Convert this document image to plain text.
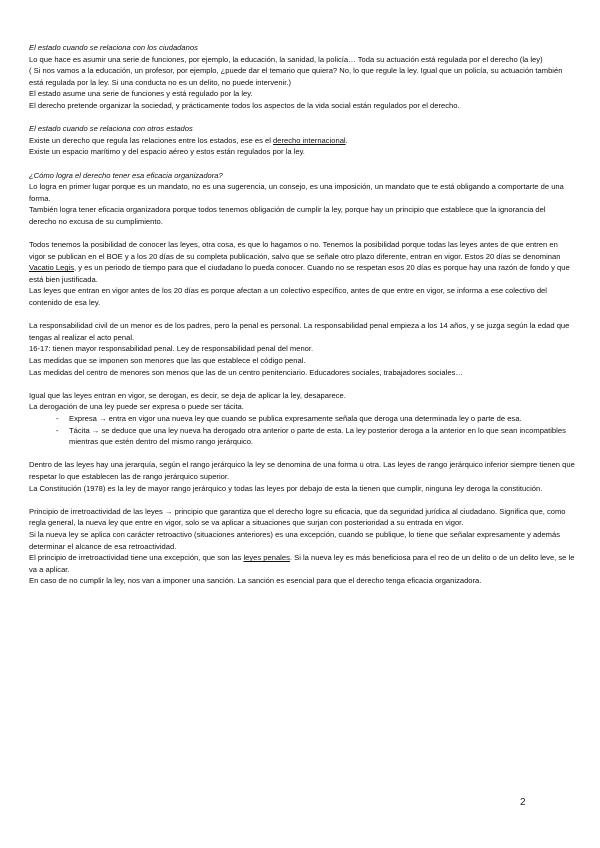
El estado cuando se relaciona con los ciudadanos

Lo que hace es asumir una serie de funciones, por ejemplo, la educación, la sanidad, la policía… Toda su actuación está regulada por el derecho (la ley)

( Si nos vamos a la educación, un profesor, por ejemplo, ¿puede dar el temario que quiera? No, lo que regule la ley. Igual que un policía, su actuación también está regulada por la ley. Si una conducta no es un delito, no puede intervenir.)

El estado asume una serie de funciones y está regulado por la ley.

El derecho pretende organizar la sociedad, y prácticamente todos los aspectos de la vida social están regulados por el derecho.

El estado cuando se relaciona con otros estados

Existe un derecho que regula las relaciones entre los estados, ese es el derecho internacional.

Existe un espacio marítimo y del espacio aéreo y estos están regulados por la ley.

¿Cómo logra el derecho tener esa eficacia organizadora?

Lo logra en primer lugar porque es un mandato, no es una sugerencia, un consejo, es una imposición, un mandato que te está obligando a comportarte de una forma.

También logra tener eficacia organizadora porque todos tenemos obligación de cumplir la ley, porque hay un principio que establece que la ignorancia del derecho no excusa de su cumplimiento.

Todos tenemos la posibilidad de conocer las leyes, otra cosa, es que lo hagamos o no. Tenemos la posibilidad porque todas las leyes antes de que entren en vigor se publican en el BOE y a los 20 días de su completa publicación, salvo que se señale otro plazo diferente, entran en vigor. Estos 20 días se denominan Vacatio Legis, y es un periodo de tiempo para que el ciudadano lo pueda conocer. Cuando no se respetan esos 20 días es porque hay una razón de fondo y que está bien justificada.

Las leyes que entran en vigor antes de los 20 días es porque afectan a un colectivo específico, antes de que entre en vigor, se informa a ese colectivo del contenido de esa ley.

La responsabilidad civil de un menor es de los padres, pero la penal es personal. La responsabilidad penal empieza a los 14 años, y se juzga según la edad que tengas al realizar el acto penal.

16-17: tienen mayor responsabilidad penal. Ley de responsabilidad penal del menor.

Las medidas que se imponen son menores que las que establece el código penal.

Las medidas del centro de menores son menos que las de un centro penitenciario. Educadores sociales, trabajadores sociales…

Igual que las leyes entran en vigor, se derogan, es decir, se deja de aplicar la ley, desaparece.

La derogación de una ley puede ser expresa o puede ser tácita.

- Expresa → entra en vigor una nueva ley que cuando se publica expresamente señala que deroga una determinada ley o parte de esa.
- Tácita → se deduce que una ley nueva ha derogado otra anterior o parte de esta. La ley posterior deroga a la anterior en lo que sean incompatibles mientras que estén dentro del mismo rango jerárquico.

Dentro de las leyes hay una jerarquía, según el rango jerárquico la ley se denomina de una forma u otra. Las leyes de rango jerárquico inferior siempre tienen que respetar lo que establecen las de rango jerárquico superior.

La Constitución (1978) es la ley de mayor rango jerárquico y todas las leyes por debajo de esta la tienen que cumplir, ninguna ley deroga la constitución.

Principio de irretroactividad de las leyes → principio que garantiza que el derecho logre su eficacia, que da seguridad jurídica al ciudadano. Significa que, como regla general, la nueva ley que entre en vigor, solo se va aplicar a situaciones que surjan con posterioridad a su entrada en vigor.

Si la nueva ley se aplica con carácter retroactivo (situaciones anteriores) es una excepción, cuando se publique, lo tiene que señalar expresamente y además determinar el alcance de esa retroactividad.

El principio de irretroactividad tiene una excepción, que son las leyes penales. Si la nueva ley es más beneficiosa para el reo de un delito o de un delito leve, se le va a aplicar.

En caso de no cumplir la ley, nos van a imponer una sanción. La sanción es esencial para que el derecho tenga eficacia organizadora.

2
